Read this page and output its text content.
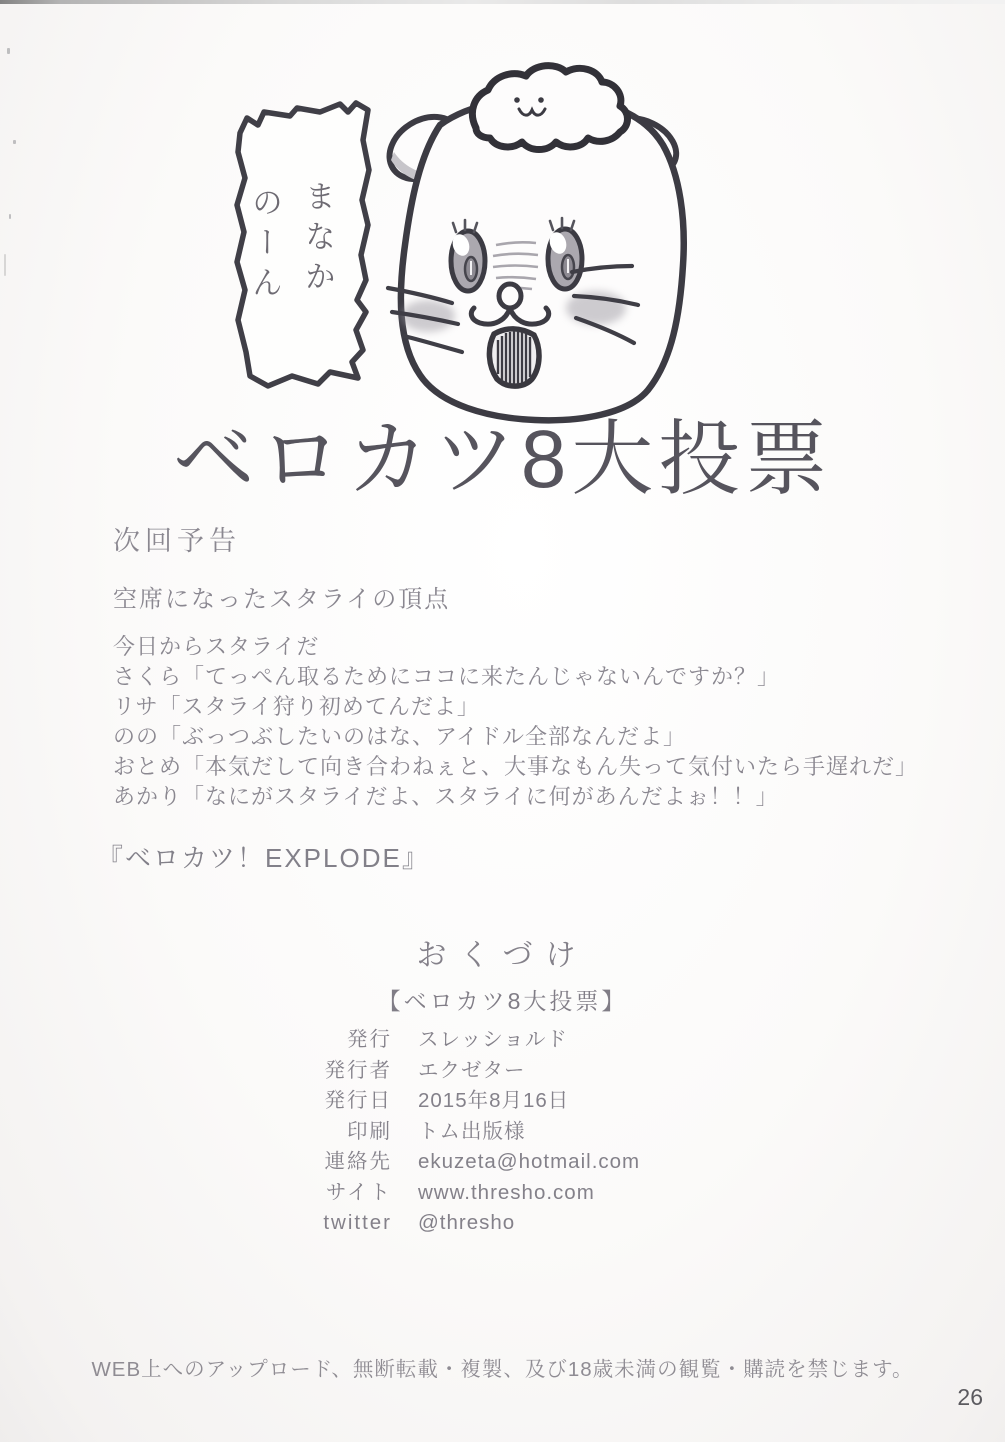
まなか
のーん
ベロカツ8大投票
次回予告
空席になったスタライの頂点
今日からスタライだ
さくら「てっぺん取るためにココに来たんじゃないんですか？」
リサ「スタライ狩り初めてんだよ」
のの「ぶっつぶしたいのはな、アイドル全部なんだよ」
おとめ「本気だして向き合わねぇと、大事なもん失って気付いたら手遅れだ」
あかり「なにがスタライだよ、スタライに何があんだよぉ！！」
『ベロカツ！EXPLODE』
おくづけ
【ベロカツ8大投票】
発行 スレッショルド
発行者 エクゼター
発行日 2015年8月16日
印刷 トム出版様
連絡先 ekuzeta@hotmail.com
サイト www.thresho.com
twitter @thresho
WEB上へのアップロード、無断転載・複製、及び18歳未満の観覧・購読を禁じます。
26
